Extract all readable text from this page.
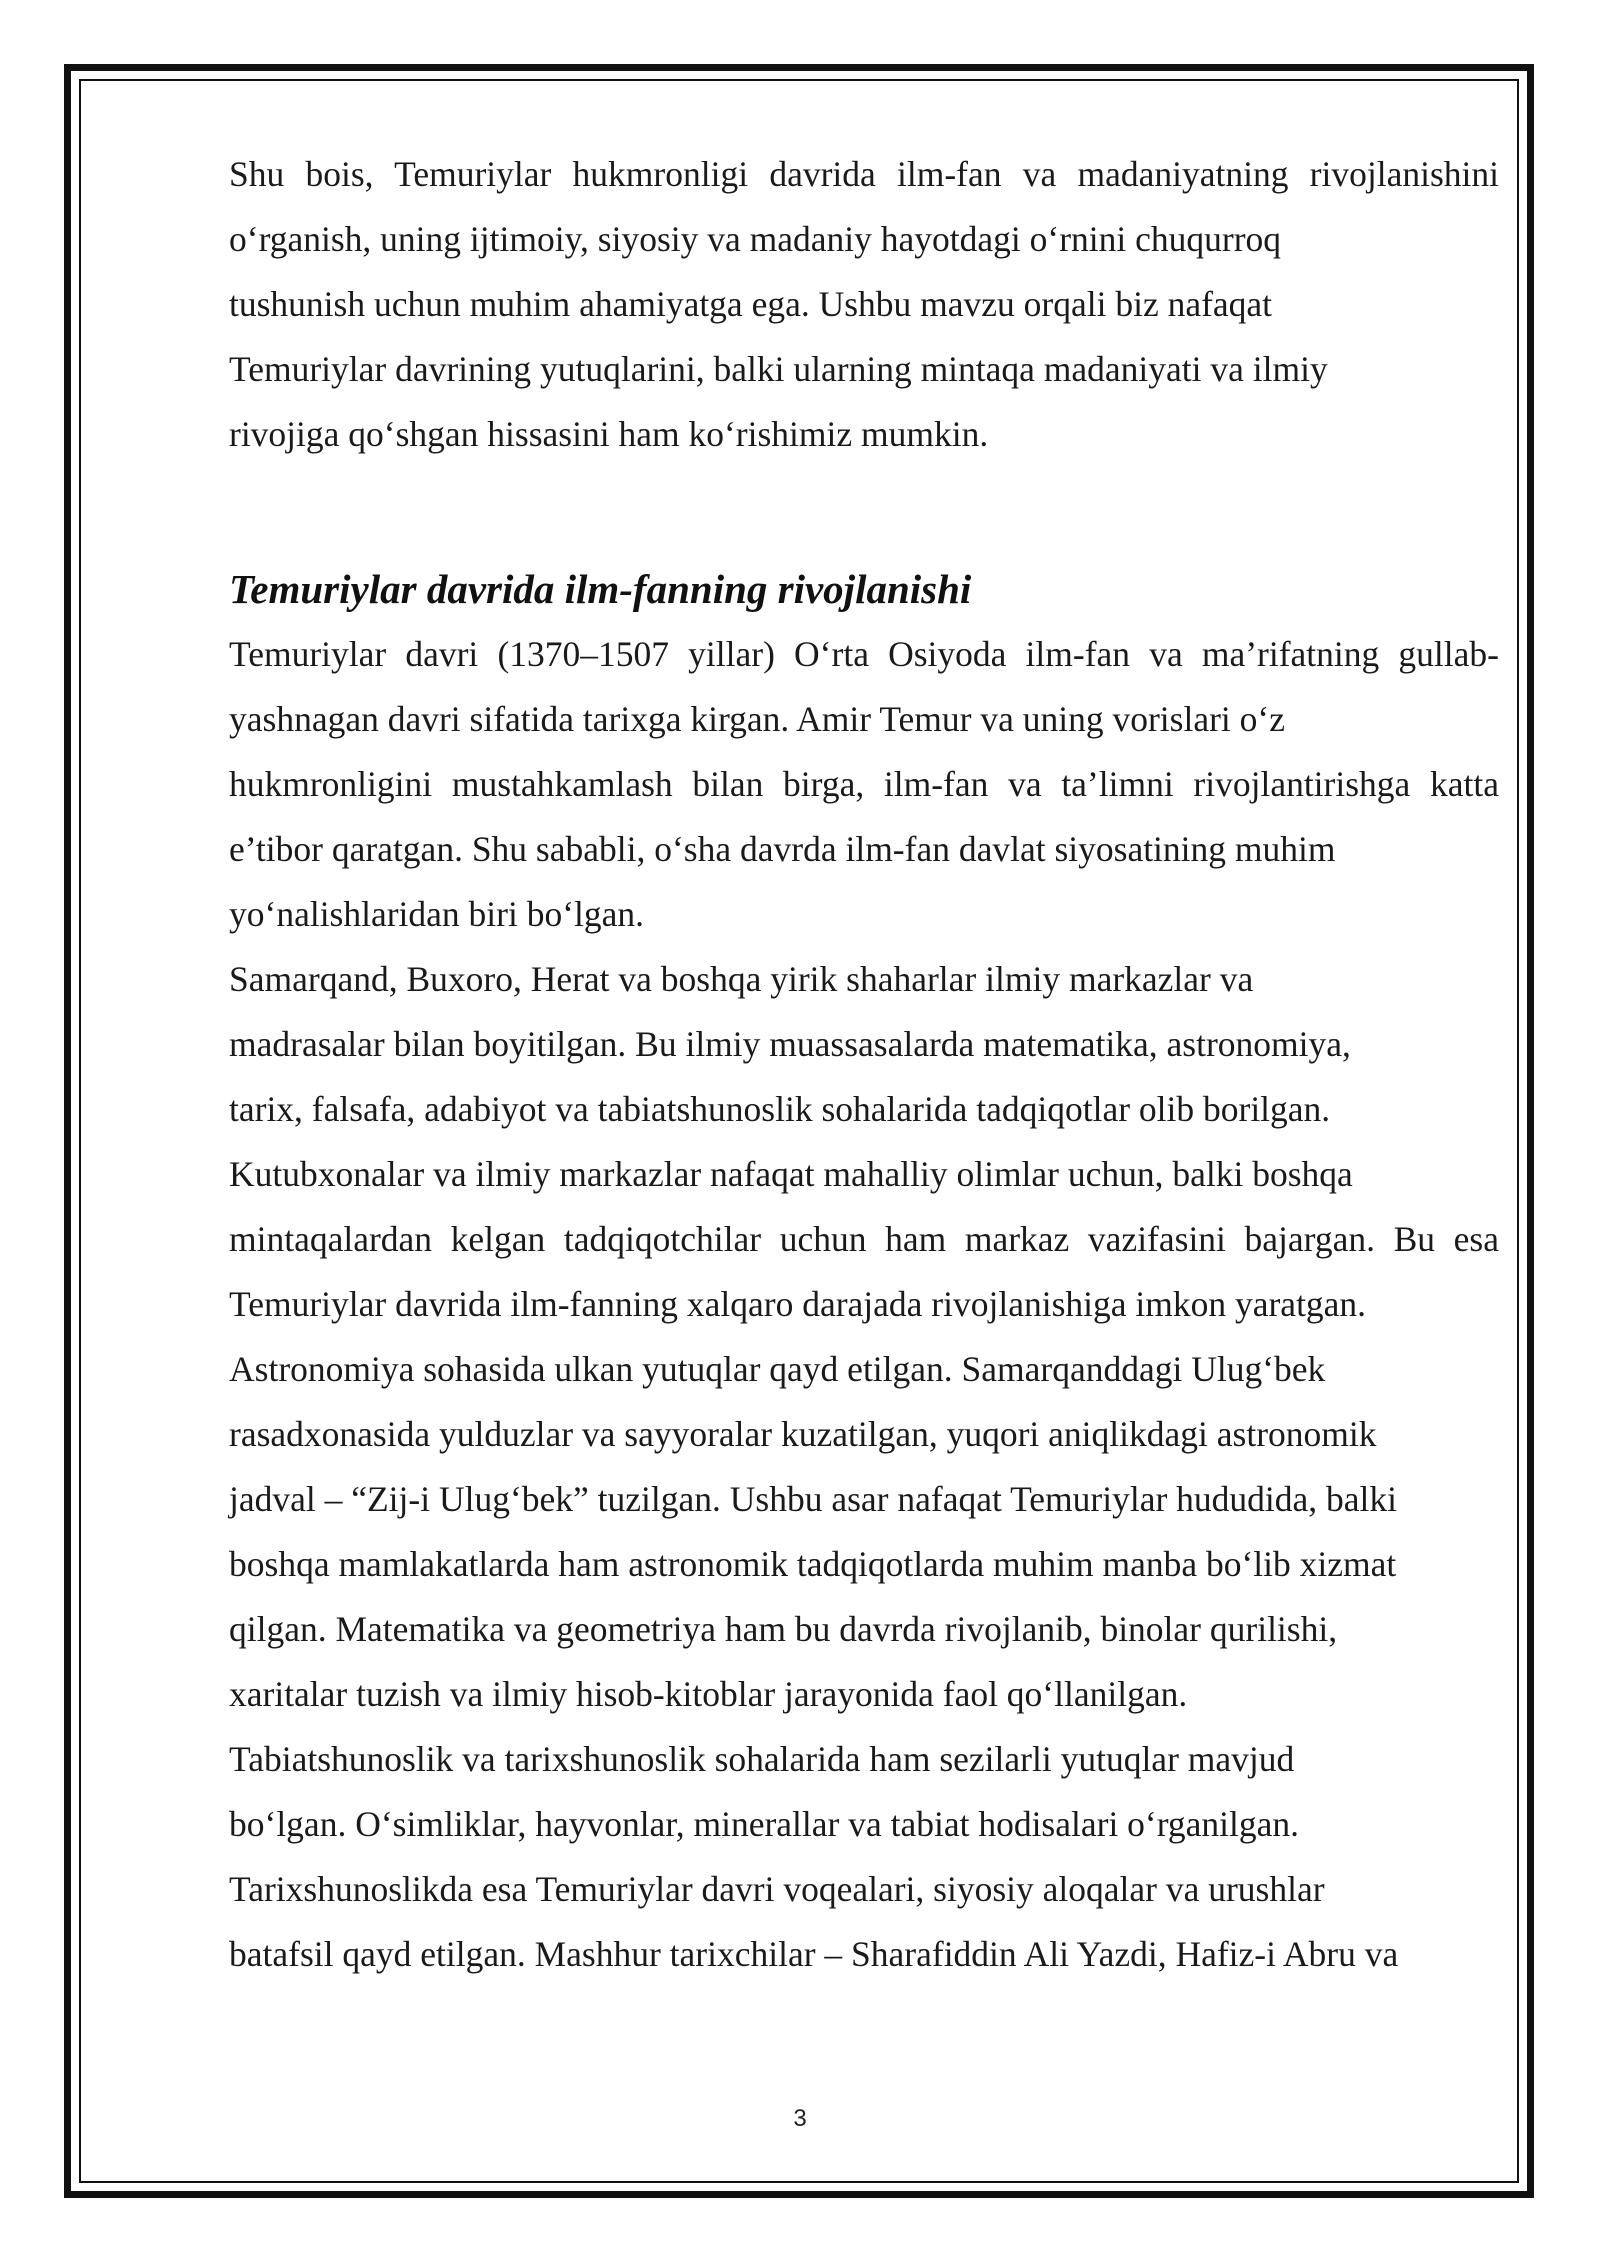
Shu bois, Temuriylar hukmronligi davrida ilm-fan va madaniyatning rivojlanishini
o‘rganish, uning ijtimoiy, siyosiy va madaniy hayotdagi o‘rnini chuqurroq
tushunish uchun muhim ahamiyatga ega. Ushbu mavzu orqali biz nafaqat
Temuriylar davrining yutuqlarini, balki ularning mintaqa madaniyati va ilmiy
rivojiga qo‘shgan hissasini ham ko‘rishimiz mumkin.

Temuriylar davrida ilm-fanning rivojlanishi

Temuriylar davri (1370–1507 yillar) O‘rta Osiyoda ilm-fan va ma’rifatning gullab-
yashnagan davri sifatida tarixga kirgan. Amir Temur va uning vorislari o‘z
hukmronligini mustahkamlash bilan birga, ilm-fan va ta’limni rivojlantirishga katta
e’tibor qaratgan. Shu sababli, o‘sha davrda ilm-fan davlat siyosatining muhim
yo‘nalishlaridan biri bo‘lgan.
Samarqand, Buxoro, Herat va boshqa yirik shaharlar ilmiy markazlar va
madrasalar bilan boyitilgan. Bu ilmiy muassasalarda matematika, astronomiya,
tarix, falsafa, adabiyot va tabiatshunoslik sohalarida tadqiqotlar olib borilgan.
Kutubxonalar va ilmiy markazlar nafaqat mahalliy olimlar uchun, balki boshqa
mintaqalardan kelgan tadqiqotchilar uchun ham markaz vazifasini bajargan. Bu esa
Temuriylar davrida ilm-fanning xalqaro darajada rivojlanishiga imkon yaratgan.
Astronomiya sohasida ulkan yutuqlar qayd etilgan. Samarqanddagi Ulug‘bek
rasadxonasida yulduzlar va sayyoralar kuzatilgan, yuqori aniqlikdagi astronomik
jadval – “Zij-i Ulug‘bek” tuzilgan. Ushbu asar nafaqat Temuriylar hududida, balki
boshqa mamlakatlarda ham astronomik tadqiqotlarda muhim manba bo‘lib xizmat
qilgan. Matematika va geometriya ham bu davrda rivojlanib, binolar qurilishi,
xaritalar tuzish va ilmiy hisob-kitoblar jarayonida faol qo‘llanilgan.
Tabiatshunoslik va tarixshunoslik sohalarida ham sezilarli yutuqlar mavjud
bo‘lgan. O‘simliklar, hayvonlar, minerallar va tabiat hodisalari o‘rganilgan.
Tarixshunoslikda esa Temuriylar davri voqealari, siyosiy aloqalar va urushlar
batafsil qayd etilgan. Mashhur tarixchilar – Sharafiddin Ali Yazdi, Hafiz-i Abru va

3
